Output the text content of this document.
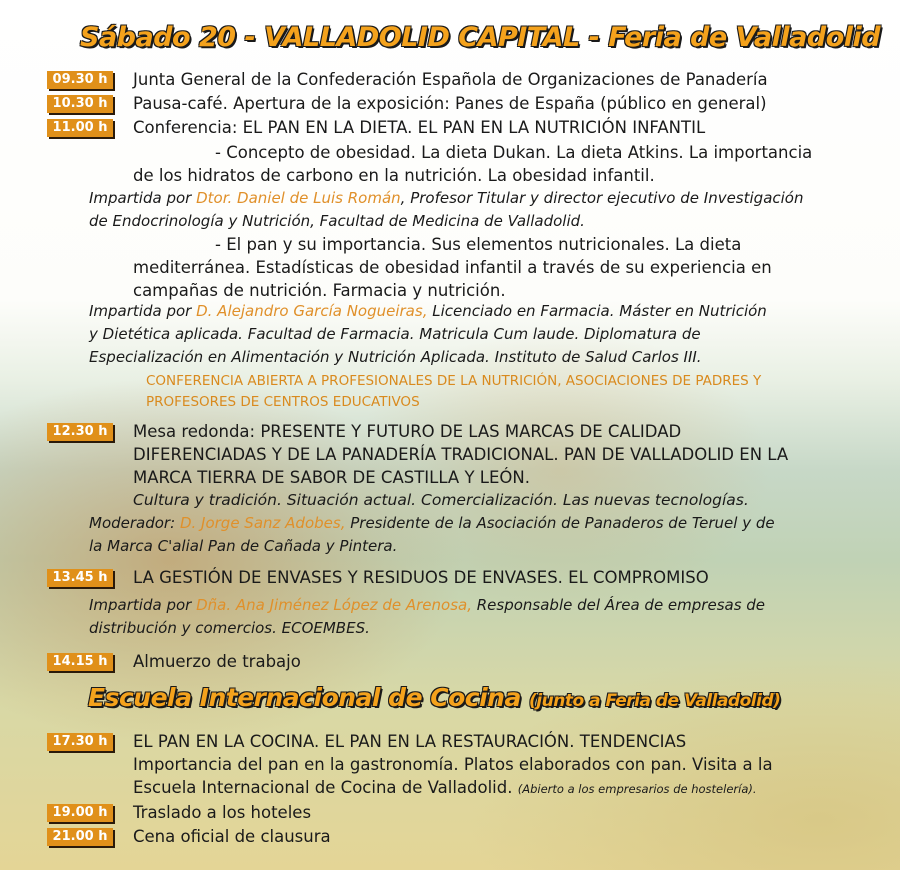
Sábado 20 - VALLADOLID CAPITAL - Feria de Valladolid
09.30 h	Junta General de la Confederación Española de Organizaciones de Panadería
10.30 h	Pausa-café. Apertura de la exposición: Panes de España (público en general)
11.00 h	Conferencia: EL PAN EN LA DIETA. EL PAN EN LA NUTRICIÓN INFANTIL
- Concepto de obesidad. La dieta Dukan. La dieta Atkins. La importancia
de los hidratos de carbono en la nutrición. La obesidad infantil.
Impartida por Dtor. Daniel de Luis Román, Profesor Titular y director ejecutivo de Investigación
de Endocrinología y Nutrición, Facultad de Medicina de Valladolid.
- El pan y su importancia. Sus elementos nutricionales. La dieta
mediterránea. Estadísticas de obesidad infantil a través de su experiencia en
campañas de nutrición. Farmacia y nutrición.
Impartida por D. Alejandro García Nogueiras, Licenciado en Farmacia. Máster en Nutrición
y Dietética aplicada. Facultad de Farmacia. Matricula Cum laude. Diplomatura de
Especialización en Alimentación y Nutrición Aplicada. Instituto de Salud Carlos III.
CONFERENCIA ABIERTA A PROFESIONALES DE LA NUTRICIÓN, ASOCIACIONES DE PADRES Y
PROFESORES DE CENTROS EDUCATIVOS
12.30 h	Mesa redonda: PRESENTE Y FUTURO DE LAS MARCAS DE CALIDAD
DIFERENCIADAS Y DE LA PANADERÍA TRADICIONAL. PAN DE VALLADOLID EN LA
MARCA TIERRA DE SABOR DE CASTILLA Y LEÓN.
Cultura y tradición. Situación actual. Comercialización. Las nuevas tecnologías.
Moderador: D. Jorge Sanz Adobes, Presidente de la Asociación de Panaderos de Teruel y de
la Marca C'alial Pan de Cañada y Pintera.
13.45 h	LA GESTIÓN DE ENVASES Y RESIDUOS DE ENVASES. EL COMPROMISO
Impartida por Dña. Ana Jiménez López de Arenosa, Responsable del Área de empresas de
distribución y comercios. ECOEMBES.
14.15 h	Almuerzo de trabajo
Escuela Internacional de Cocina (junto a Feria de Valladolid)
17.30 h	EL PAN EN LA COCINA. EL PAN EN LA RESTAURACIÓN. TENDENCIAS
Importancia del pan en la gastronomía. Platos elaborados con pan. Visita a la
Escuela Internacional de Cocina de Valladolid. (Abierto a los empresarios de hostelería).
19.00 h	Traslado a los hoteles
21.00 h	Cena oficial de clausura
